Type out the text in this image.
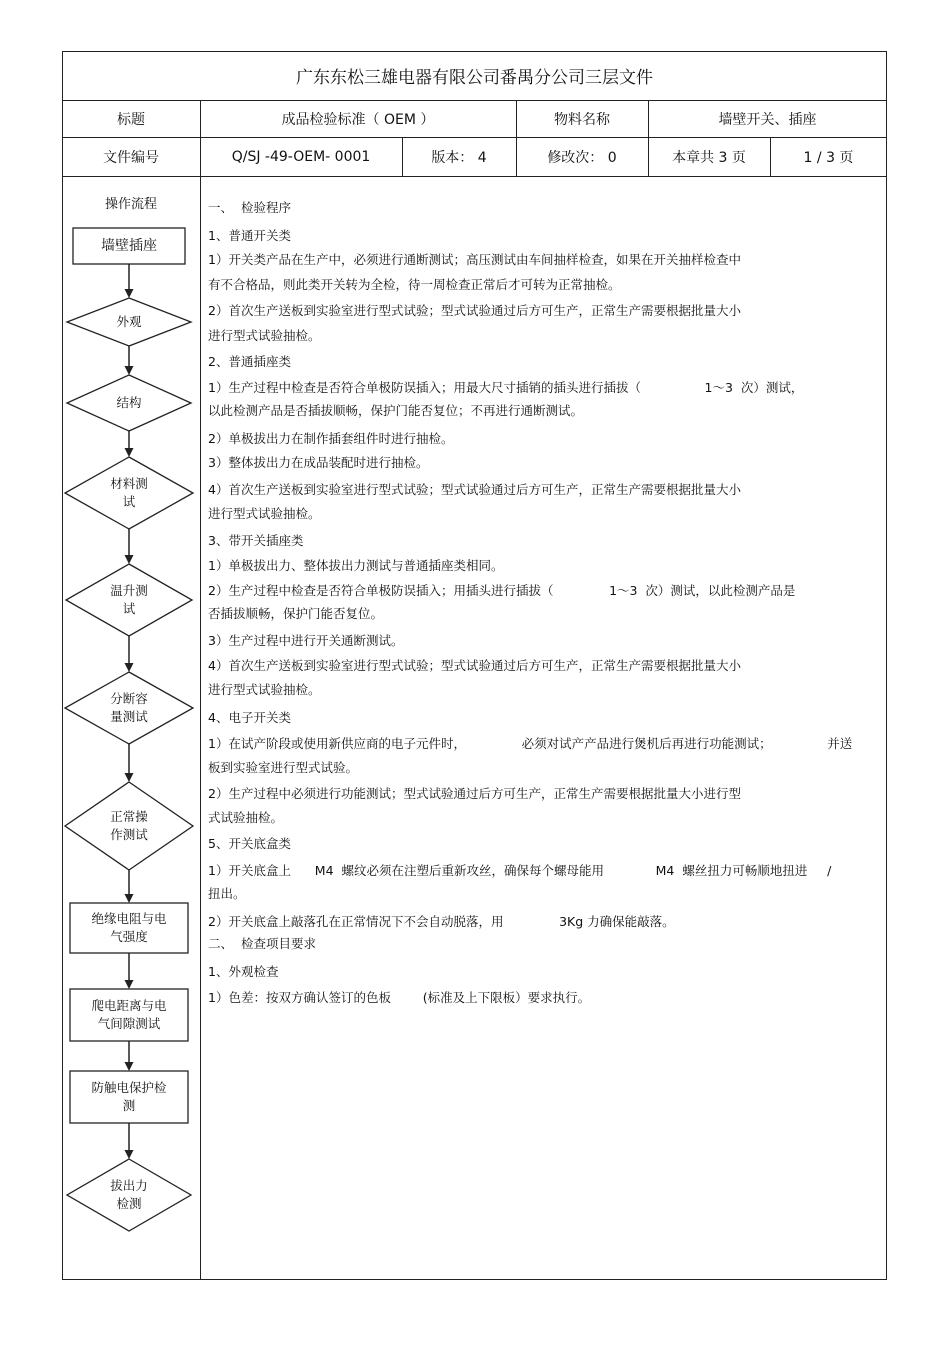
广东东松三雄电器有限公司番禺分公司三层文件
标题	成品检验标准（ OEM ）	物料名称	墙壁开关、插座
文件编号	Q/SJ -49-OEM- 0001	版本： 4	修改次： 0	本章共 3 页	1 / 3 页
操作流程
墙壁插座
外观
结构
材料测
试
温升测
试
分断容
量测试
正常操
作测试
绝缘电阻与电
气强度
爬电距离与电
气间隙测试
防触电保护检
测
拔出力
检测
一、  检验程序
1、普通开关类
1）开关类产品在生产中，必须进行通断测试；高压测试由车间抽样检查，如果在开关抽样检查中
有不合格品，则此类开关转为全检，待一周检查正常后才可转为正常抽检。
2）首次生产送板到实验室进行型式试验；型式试验通过后方可生产，正常生产需要根据批量大小
进行型式试验抽检。
2、普通插座类
1）生产过程中检查是否符合单极防误插入；用最大尺寸插销的插头进行插拔（                1～3  次）测试，
以此检测产品是否插拔顺畅，保护门能否复位；不再进行通断测试。
2）单极拔出力在制作插套组件时进行抽检。
3）整体拔出力在成品装配时进行抽检。
4）首次生产送板到实验室进行型式试验；型式试验通过后方可生产，正常生产需要根据批量大小
进行型式试验抽检。
3、带开关插座类
1）单极拔出力、整体拔出力测试与普通插座类相同。
2）生产过程中检查是否符合单极防误插入；用插头进行插拔（              1～3  次）测试，以此检测产品是
否插拔顺畅，保护门能否复位。
3）生产过程中进行开关通断测试。
4）首次生产送板到实验室进行型式试验；型式试验通过后方可生产，正常生产需要根据批量大小
进行型式试验抽检。
4、电子开关类
1）在试产阶段或使用新供应商的电子元件时，              必须对试产产品进行煲机后再进行功能测试；              并送
板到实验室进行型式试验。
2）生产过程中必须进行功能测试；型式试验通过后方可生产，正常生产需要根据批量大小进行型
式试验抽检。
5、开关底盒类
1）开关底盒上      M4  螺纹必须在注塑后重新攻丝，确保每个螺母能用             M4  螺丝扭力可畅顺地扭进     /
扭出。
2）开关底盒上敲落孔在正常情况下不会自动脱落，用              3Kg 力确保能敲落。
二、  检查项目要求
1、外观检查
1）色差：按双方确认签订的色板        (标准及上下限板）要求执行。
